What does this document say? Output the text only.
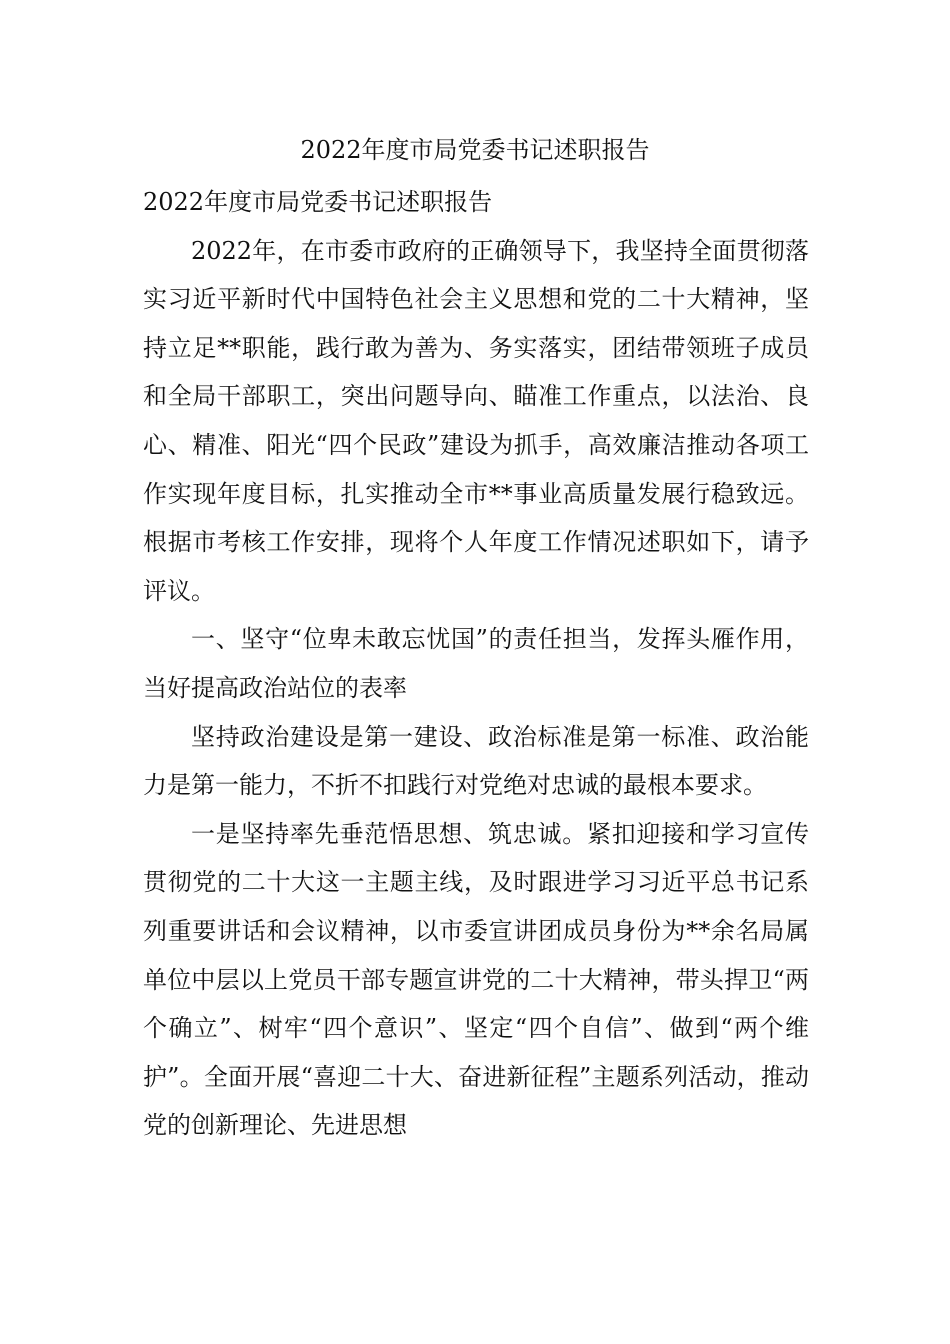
2022年度市局党委书记述职报告

2022年度市局党委书记述职报告

2022年，在市委市政府的正确领导下，我坚持全面贯彻落实习近平新时代中国特色社会主义思想和党的二十大精神，坚持立足**职能，践行敢为善为、务实落实，团结带领班子成员和全局干部职工，突出问题导向、瞄准工作重点，以法治、良心、精准、阳光“四个民政”建设为抓手，高效廉洁推动各项工作实现年度目标，扎实推动全市**事业高质量发展行稳致远。根据市考核工作安排，现将个人年度工作情况述职如下，请予评议。

一、坚守“位卑未敢忘忧国”的责任担当，发挥头雁作用，当好提高政治站位的表率

坚持政治建设是第一建设、政治标准是第一标准、政治能力是第一能力，不折不扣践行对党绝对忠诚的最根本要求。

一是坚持率先垂范悟思想、筑忠诚。紧扣迎接和学习宣传贯彻党的二十大这一主题主线，及时跟进学习习近平总书记系列重要讲话和会议精神，以市委宣讲团成员身份为**余名局属单位中层以上党员干部专题宣讲党的二十大精神，带头捍卫“两个确立”、树牢“四个意识”、坚定“四个自信”、做到“两个维护”。全面开展“喜迎二十大、奋进新征程”主题系列活动，推动党的创新理论、先进思想
